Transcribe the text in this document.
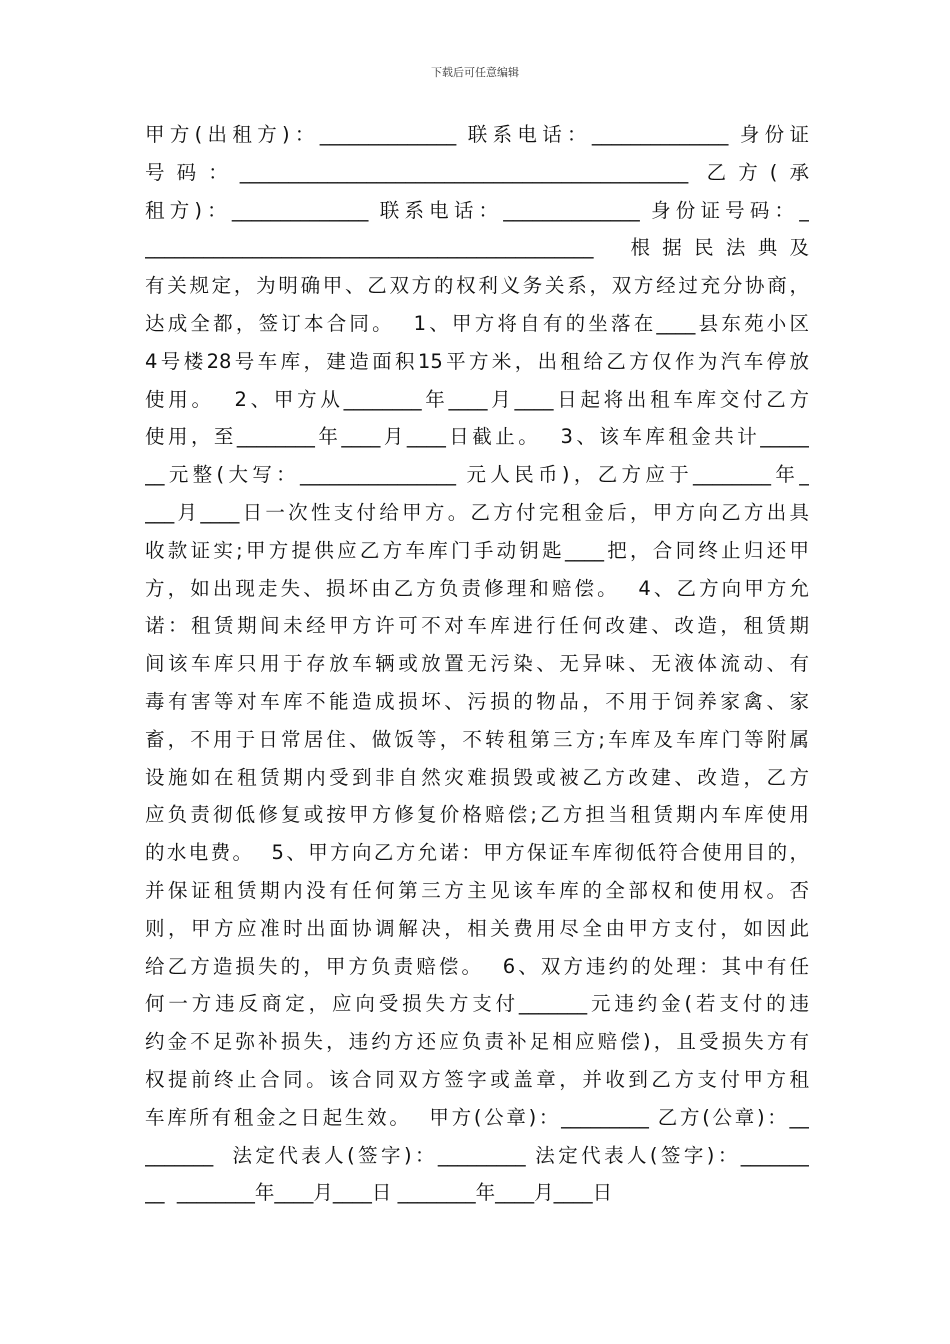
下载后可任意编辑
甲方(出租方)：______________ 联系电话：______________ 身份证
号码：______________________________________________ 乙方(承
租方)：______________ 联系电话：______________ 身份证号码：_
______________________________________________  根据民法典及
有关规定，为明确甲、乙双方的权利义务关系，双方经过充分协商，
达成全都，签订本合同。  1、甲方将自有的坐落在____县东苑小区
4号楼28号车库，建造面积15平方米，出租给乙方仅作为汽车停放
使用。  2、甲方从________年____月____日起将出租车库交付乙方
使用，至________年____月____日截止。  3、该车库租金共计_____
__元整(大写：________________ 元人民币)，乙方应于________年_
___月____日一次性支付给甲方。乙方付完租金后，甲方向乙方出具
收款证实;甲方提供应乙方车库门手动钥匙____把，合同终止归还甲
方，如出现走失、损坏由乙方负责修理和赔偿。  4、乙方向甲方允
诺：租赁期间未经甲方许可不对车库进行任何改建、改造，租赁期
间该车库只用于存放车辆或放置无污染、无异味、无液体流动、有
毒有害等对车库不能造成损坏、污损的物品，不用于饲养家禽、家
畜，不用于日常居住、做饭等，不转租第三方;车库及车库门等附属
设施如在租赁期内受到非自然灾难损毁或被乙方改建、改造，乙方
应负责彻低修复或按甲方修复价格赔偿;乙方担当租赁期内车库使用
的水电费。  5、甲方向乙方允诺：甲方保证车库彻低符合使用目的，
并保证租赁期内没有任何第三方主见该车库的全部权和使用权。否
则，甲方应准时出面协调解决，相关费用尽全由甲方支付，如因此
给乙方造损失的，甲方负责赔偿。  6、双方违约的处理：其中有任
何一方违反商定，应向受损失方支付_______元违约金(若支付的违
约金不足弥补损失，违约方还应负责补足相应赔偿)，且受损失方有
权提前终止合同。该合同双方签字或盖章，并收到乙方支付甲方租
车库所有租金之日起生效。  甲方(公章)：_________ 乙方(公章)：__
_______  法定代表人(签字)：_________ 法定代表人(签字)：_______
__  ________年____月____日 ________年____月____日
